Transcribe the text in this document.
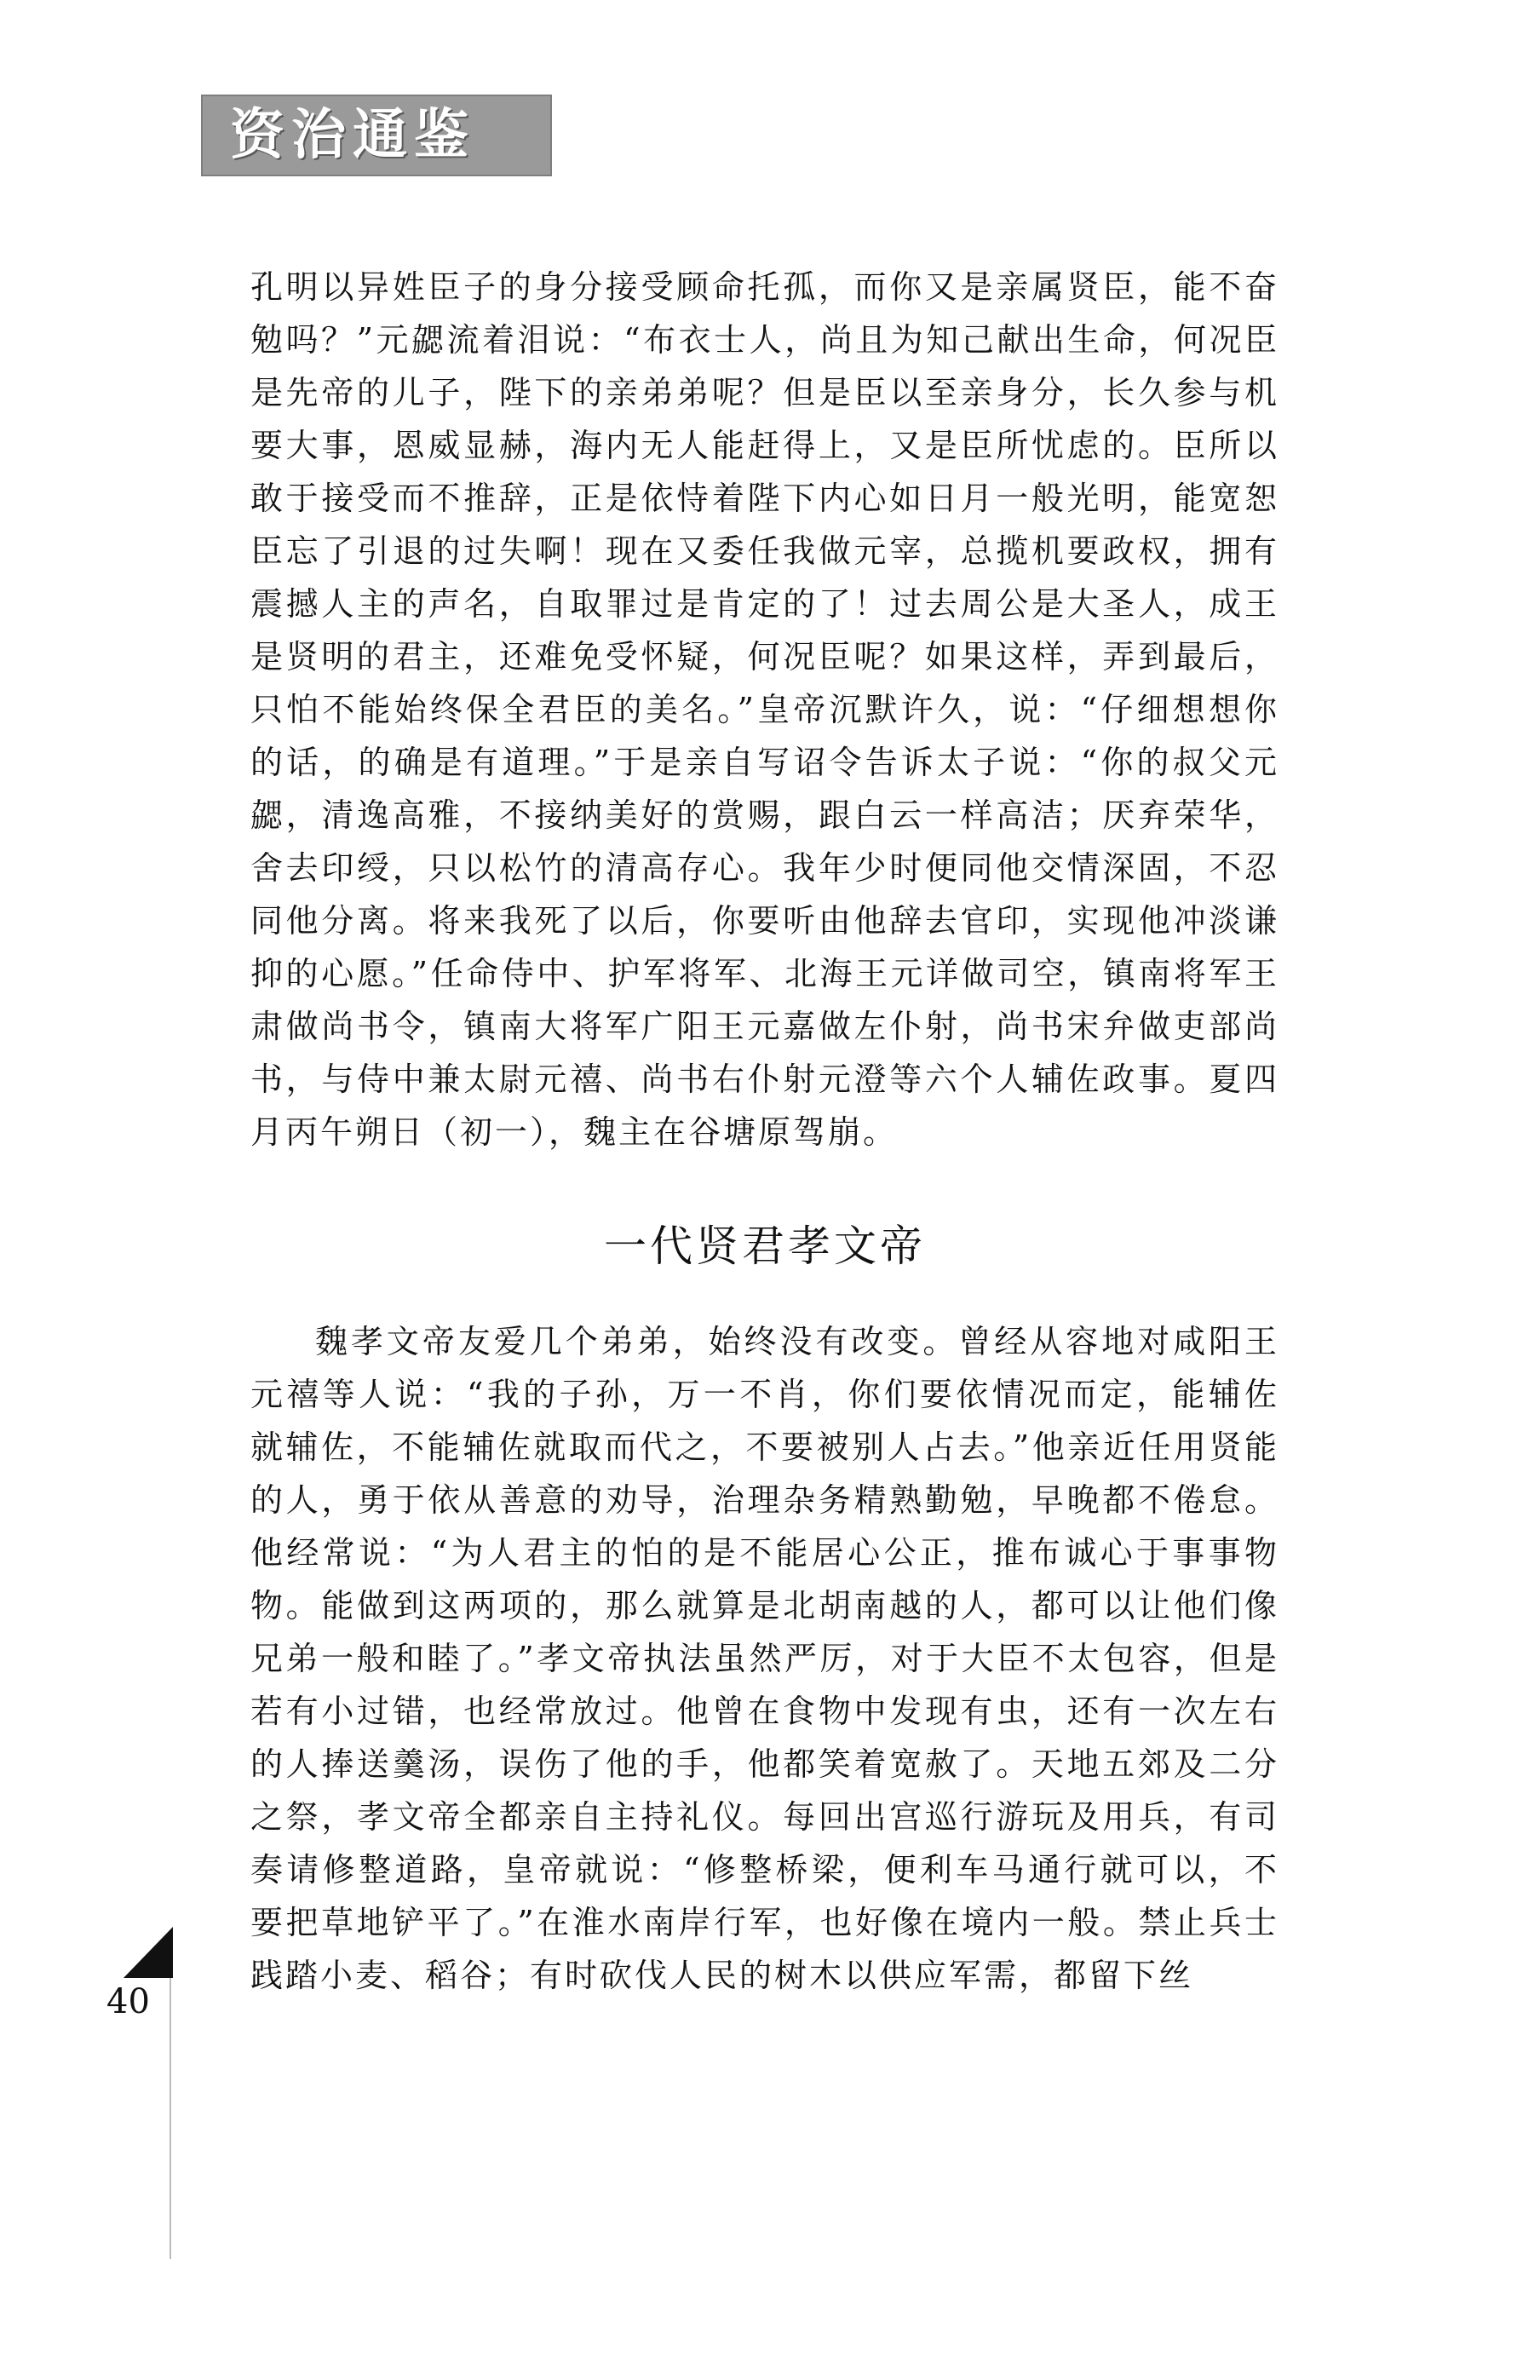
资治通鉴

孔明以异姓臣子的身分接受顾命托孤，而你又是亲属贤臣，能不奋勉吗？”元勰流着泪说：“布衣士人，尚且为知己献出生命，何况臣是先帝的儿子，陛下的亲弟弟呢？但是臣以至亲身分，长久参与机要大事，恩威显赫，海内无人能赶得上，又是臣所忧虑的。臣所以敢于接受而不推辞，正是依恃着陛下内心如日月一般光明，能宽恕臣忘了引退的过失啊！现在又委任我做元宰，总揽机要政权，拥有震撼人主的声名，自取罪过是肯定的了！过去周公是大圣人，成王是贤明的君主，还难免受怀疑，何况臣呢？如果这样，弄到最后，只怕不能始终保全君臣的美名。”皇帝沉默许久，说：“仔细想想你的话，的确是有道理。”于是亲自写诏令告诉太子说：“你的叔父元勰，清逸高雅，不接纳美好的赏赐，跟白云一样高洁；厌弃荣华，舍去印绶，只以松竹的清高存心。我年少时便同他交情深固，不忍同他分离。将来我死了以后，你要听由他辞去官印，实现他冲淡谦抑的心愿。”任命侍中、护军将军、北海王元详做司空，镇南将军王肃做尚书令，镇南大将军广阳王元嘉做左仆射，尚书宋弁做吏部尚书，与侍中兼太尉元禧、尚书右仆射元澄等六个人辅佐政事。夏四月丙午朔日（初一），魏主在谷塘原驾崩。

一代贤君孝文帝

魏孝文帝友爱几个弟弟，始终没有改变。曾经从容地对咸阳王元禧等人说：“我的子孙，万一不肖，你们要依情况而定，能辅佐就辅佐，不能辅佐就取而代之，不要被别人占去。”他亲近任用贤能的人，勇于依从善意的劝导，治理杂务精熟勤勉，早晚都不倦怠。他经常说：“为人君主的怕的是不能居心公正，推布诚心于事事物物。能做到这两项的，那么就算是北胡南越的人，都可以让他们像兄弟一般和睦了。”孝文帝执法虽然严厉，对于大臣不太包容，但是若有小过错，也经常放过。他曾在食物中发现有虫，还有一次左右的人捧送羹汤，误伤了他的手，他都笑着宽赦了。天地五郊及二分之祭，孝文帝全都亲自主持礼仪。每回出宫巡行游玩及用兵，有司奏请修整道路，皇帝就说：“修整桥梁，便利车马通行就可以，不要把草地铲平了。”在淮水南岸行军，也好像在境内一般。禁止兵士践踏小麦、稻谷；有时砍伐人民的树木以供应军需，都留下丝

40
